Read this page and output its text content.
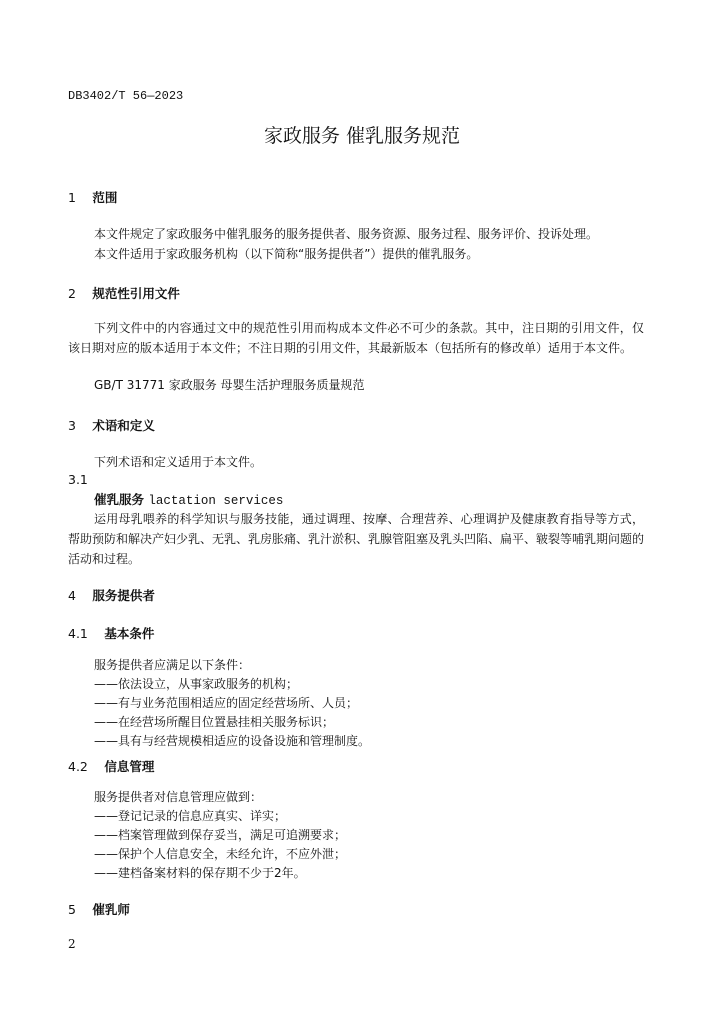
DB3402/T 56—2023
家政服务 催乳服务规范
1 范围

本文件规定了家政服务中催乳服务的服务提供者、服务资源、服务过程、服务评价、投诉处理。

本文件适用于家政服务机构（以下简称“服务提供者”）提供的催乳服务。

2 规范性引用文件

下列文件中的内容通过文中的规范性引用而构成本文件必不可少的条款。其中，注日期的引用文件，仅该日期对应的版本适用于本文件；不注日期的引用文件，其最新版本（包括所有的修改单）适用于本文件。

GB/T 31771 家政服务 母婴生活护理服务质量规范
3 术语和定义

下列术语和定义适用于本文件。

3.1
催乳服务 lactation services

运用母乳喂养的科学知识与服务技能，通过调理、按摩、合理营养、心理调护及健康教育指导等方式，帮助预防和解决产妇少乳、无乳、乳房胀痛、乳汁淤积、乳腺管阻塞及乳头凹陷、扁平、皲裂等哺乳期问题的活动和过程。

4 服务提供者
4.1 基本条件
服务提供者应满足以下条件：
——依法设立，从事家政服务的机构；
——有与业务范围相适应的固定经营场所、人员；
——在经营场所醒目位置悬挂相关服务标识；
——具有与经营规模相适应的设备设施和管理制度。
4.2 信息管理
服务提供者对信息管理应做到：
——登记记录的信息应真实、详实；
——档案管理做到保存妥当，满足可追溯要求；
——保护个人信息安全，未经允许，不应外泄；
——建档备案材料的保存期不少于2年。
5 催乳师
2
